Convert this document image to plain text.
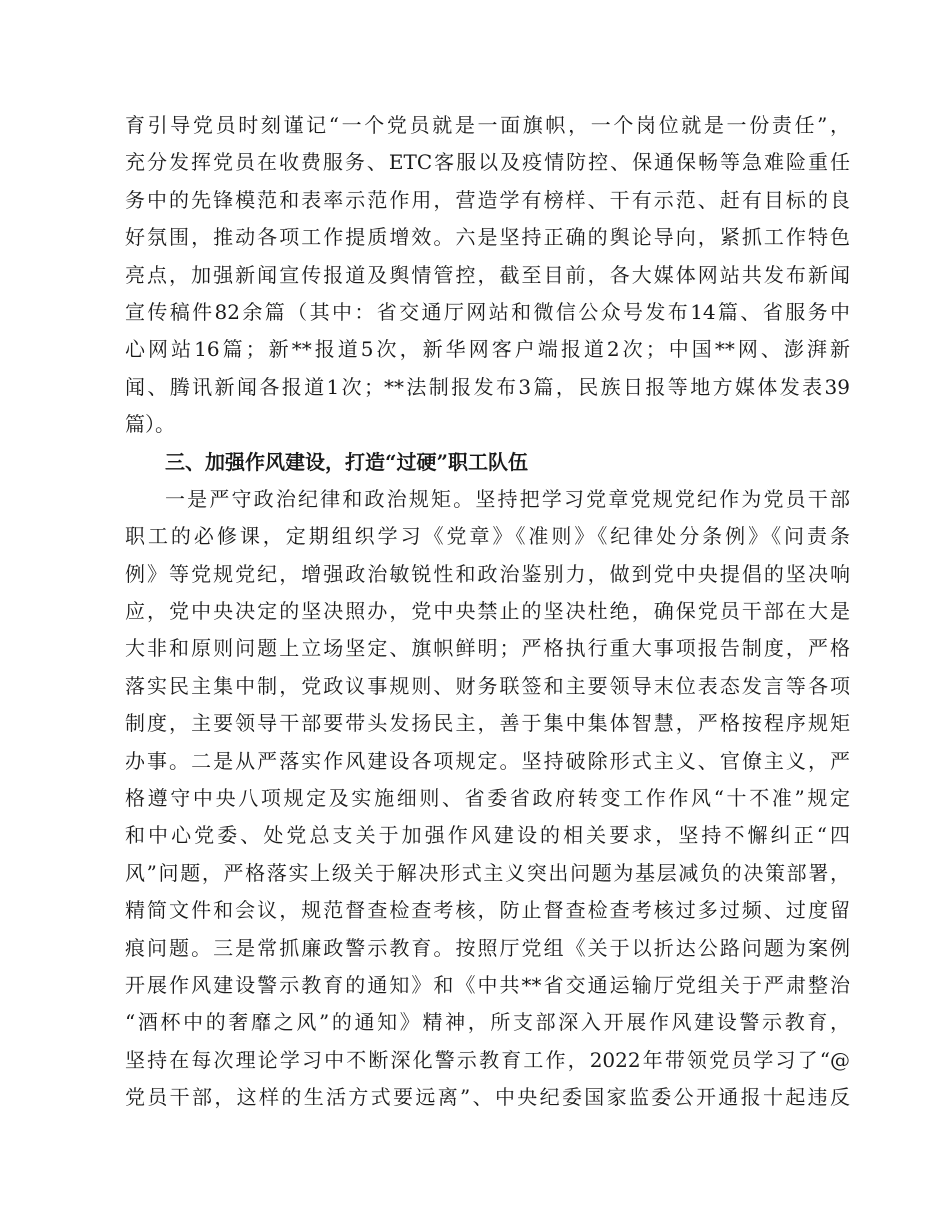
育引导党员时刻谨记“一个党员就是一面旗帜，一个岗位就是一份责任”，
充分发挥党员在收费服务、ETC客服以及疫情防控、保通保畅等急难险重任
务中的先锋模范和表率示范作用，营造学有榜样、干有示范、赶有目标的良
好氛围，推动各项工作提质增效。六是坚持正确的舆论导向，紧抓工作特色
亮点，加强新闻宣传报道及舆情管控，截至目前，各大媒体网站共发布新闻
宣传稿件82余篇（其中：省交通厅网站和微信公众号发布14篇、省服务中
心网站16篇；新**报道5次，新华网客户端报道2次；中国**网、澎湃新
闻、腾讯新闻各报道1次；**法制报发布3篇，民族日报等地方媒体发表39
篇）。
三、加强作风建设，打造“过硬”职工队伍
一是严守政治纪律和政治规矩。坚持把学习党章党规党纪作为党员干部
职工的必修课，定期组织学习《党章》《准则》《纪律处分条例》《问责条
例》等党规党纪，增强政治敏锐性和政治鉴别力，做到党中央提倡的坚决响
应，党中央决定的坚决照办，党中央禁止的坚决杜绝，确保党员干部在大是
大非和原则问题上立场坚定、旗帜鲜明；严格执行重大事项报告制度，严格
落实民主集中制，党政议事规则、财务联签和主要领导末位表态发言等各项
制度，主要领导干部要带头发扬民主，善于集中集体智慧，严格按程序规矩
办事。二是从严落实作风建设各项规定。坚持破除形式主义、官僚主义，严
格遵守中央八项规定及实施细则、省委省政府转变工作作风“十不准”规定
和中心党委、处党总支关于加强作风建设的相关要求，坚持不懈纠正“四
风”问题，严格落实上级关于解决形式主义突出问题为基层减负的决策部署，
精简文件和会议，规范督查检查考核，防止督查检查考核过多过频、过度留
痕问题。三是常抓廉政警示教育。按照厅党组《关于以折达公路问题为案例
开展作风建设警示教育的通知》和《中共**省交通运输厅党组关于严肃整治
“酒杯中的奢靡之风”的通知》精神，所支部深入开展作风建设警示教育，
坚持在每次理论学习中不断深化警示教育工作，2022年带领党员学习了“@
党员干部，这样的生活方式要远离”、中央纪委国家监委公开通报十起违反
